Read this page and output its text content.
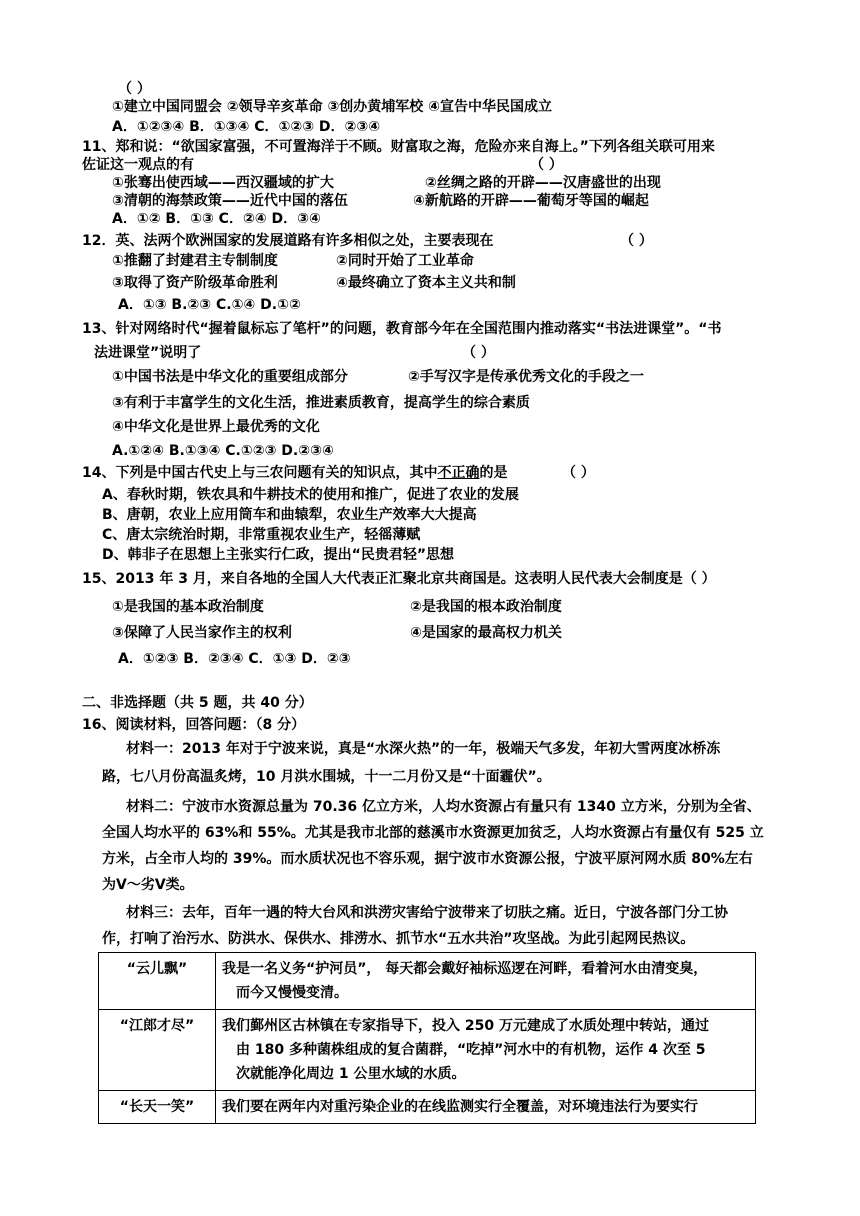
（ ）
①建立中国同盟会 ②领导辛亥革命 ③创办黄埔军校 ④宣告中华民国成立
A．①②③④ B．①③④ C．①②③ D．②③④
11、郑和说：“欲国家富强，不可置海洋于不顾。财富取之海，危险亦来自海上。”下列各组关联可用来
佐证这一观点的有	（ ）
①张骞出使西域——西汉疆域的扩大	②丝绸之路的开辟——汉唐盛世的出现
③清朝的海禁政策——近代中国的落伍	④新航路的开辟——葡萄牙等国的崛起
A．①② B．①③ C．②④ D．③④
12．英、法两个欧洲国家的发展道路有许多相似之处，主要表现在	（ ）
①推翻了封建君主专制制度	②同时开始了工业革命
③取得了资产阶级革命胜利	④最终确立了资本主义共和制
A．①③ B.②③ C.①④ D.①②
13、针对网络时代“握着鼠标忘了笔杆”的问题，教育部今年在全国范围内推动落实“书法进课堂”。“书
法进课堂”说明了	（ ）
①中国书法是中华文化的重要组成部分	②手写汉字是传承优秀文化的手段之一
③有利于丰富学生的文化生活，推进素质教育，提高学生的综合素质
④中华文化是世界上最优秀的文化
A.①②④ B.①③④ C.①②③ D.②③④
14、下列是中国古代史上与三农问题有关的知识点，其中不正确的是	（ ）
A、春秋时期，铁农具和牛耕技术的使用和推广，促进了农业的发展
B、唐朝，农业上应用筒车和曲辕犁，农业生产效率大大提高
C、唐太宗统治时期，非常重视农业生产，轻徭薄赋
D、韩非子在思想上主张实行仁政，提出“民贵君轻”思想
15、2013 年 3 月，来自各地的全国人大代表正汇聚北京共商国是。这表明人民代表大会制度是（ ）
①是我国的基本政治制度	②是我国的根本政治制度
③保障了人民当家作主的权利	④是国家的最高权力机关
A．①②③ B．②③④ C．①③ D．②③
二、非选择题（共 5 题，共 40 分）
16、阅读材料，回答问题：（8 分）
材料一：2013 年对于宁波来说，真是“水深火热”的一年，极端天气多发，年初大雪两度冰桥冻
路，七八月份高温炙烤，10 月洪水围城，十一二月份又是“十面霾伏”。
材料二：宁波市水资源总量为 70.36 亿立方米，人均水资源占有量只有 1340 立方米，分别为全省、
全国人均水平的 63%和 55%。尤其是我市北部的慈溪市水资源更加贫乏，人均水资源占有量仅有 525 立
方米，占全市人均的 39%。而水质状况也不容乐观，据宁波市水资源公报，宁波平原河网水质 80%左右
为Ⅴ～劣Ⅴ类。
材料三：去年，百年一遇的特大台风和洪涝灾害给宁波带来了切肤之痛。近日，宁波各部门分工协
作，打响了治污水、防洪水、保供水、排涝水、抓节水“五水共治”攻坚战。为此引起网民热议。
“云儿飘”	我是一名义务“护河员”， 每天都会戴好袖标巡逻在河畔，看着河水由清变臭，
而今又慢慢变清。

“江郎才尽”	我们鄞州区古林镇在专家指导下，投入 250 万元建成了水质处理中转站，通过
由 180 多种菌株组成的复合菌群，“吃掉”河水中的有机物，运作 4 次至 5
次就能净化周边 1 公里水域的水质。

“长天一笑”	我们要在两年内对重污染企业的在线监测实行全覆盖，对环境违法行为要实行
